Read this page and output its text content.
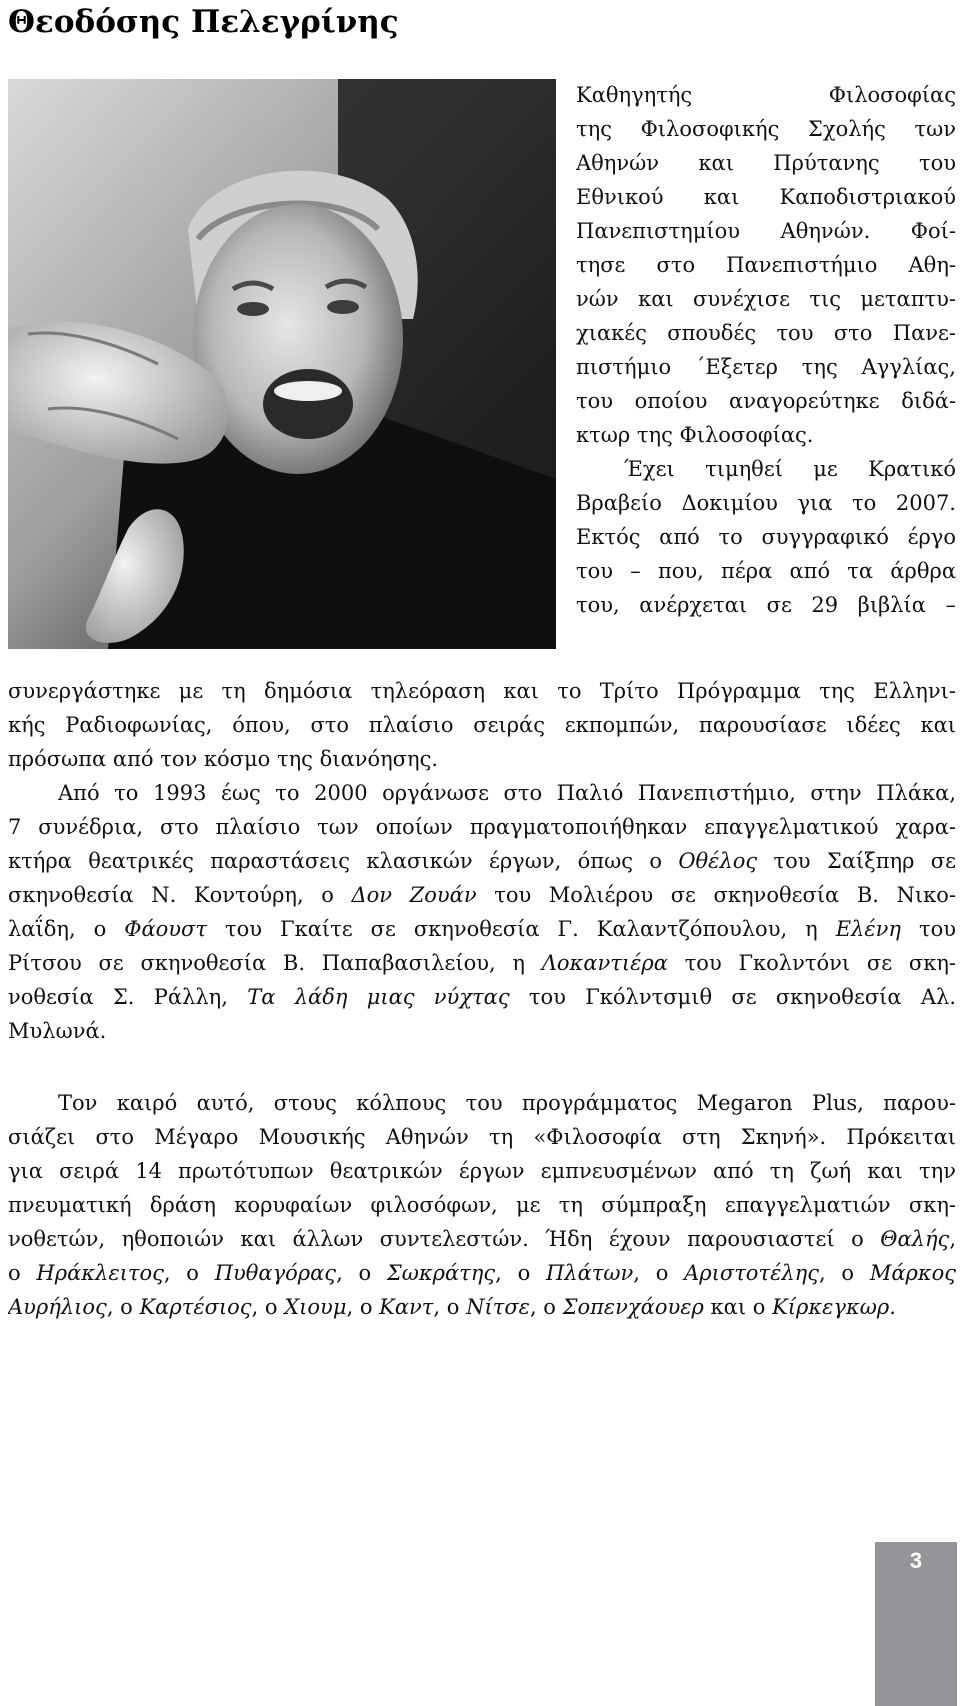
Θεοδόσης Πελεγρίνης
Καθηγητής Φιλοσοφίας
της Φιλοσοφικής Σχολής των
Αθηνών και Πρύτανης του
Εθνικού και Καποδιστριακού
Πανεπιστημίου Αθηνών. Φοί-
τησε στο Πανεπιστήμιο Αθη-
νών και συνέχισε τις μεταπτυ-
χιακές σπουδές του στο Πανε-
πιστήμιο ΄Εξετερ της Αγγλίας,
του οποίου αναγορεύτηκε διδά-
κτωρ της Φιλοσοφίας.
Έχει τιμηθεί με Κρατικό
Βραβείο Δοκιμίου για το 2007.
Εκτός από το συγγραφικό έργο
του – που, πέρα από τα άρθρα
του, ανέρχεται σε 29 βιβλία –
συνεργάστηκε με τη δημόσια τηλεόραση και το Τρίτο Πρόγραμμα της Ελληνι-
κής Ραδιοφωνίας, όπου, στο πλαίσιο σειράς εκπομπών, παρουσίασε ιδέες και
πρόσωπα από τον κόσμο της διανόησης.
Από το 1993 έως το 2000 οργάνωσε στο Παλιό Πανεπιστήμιο, στην Πλάκα,
7 συνέδρια, στο πλαίσιο των οποίων πραγματοποιήθηκαν επαγγελματικού χαρα-
κτήρα θεατρικές παραστάσεις κλασικών έργων, όπως ο Οθέλος του Σαίξπηρ σε
σκηνοθεσία Ν. Κοντούρη, ο Δον Ζουάν του Μολιέρου σε σκηνοθεσία Β. Νικο-
λαΐδη, ο Φάουστ του Γκαίτε σε σκηνοθεσία Γ. Καλαντζόπουλου, η Ελένη του
Ρίτσου σε σκηνοθεσία Β. Παπαβασιλείου, η Λοκαντιέρα του Γκολντόνι σε σκη-
νοθεσία Σ. Ράλλη, Τα λάδη μιας νύχτας του Γκόλντσμιθ σε σκηνοθεσία Αλ.
Μυλωνά.
Τον καιρό αυτό, στους κόλπους του προγράμματος Megaron Plus, παρου-
σιάζει στο Μέγαρο Μουσικής Αθηνών τη «Φιλοσοφία στη Σκηνή». Πρόκειται
για σειρά 14 πρωτότυπων θεατρικών έργων εμπνευσμένων από τη ζωή και την
πνευματική δράση κορυφαίων φιλοσόφων, με τη σύμπραξη επαγγελματιών σκη-
νοθετών, ηθοποιών και άλλων συντελεστών. Ήδη έχουν παρουσιαστεί ο Θαλής,
ο Ηράκλειτος, ο Πυθαγόρας, ο Σωκράτης, ο Πλάτων, ο Αριστοτέλης, ο Μάρκος
Αυρήλιος, ο Καρτέσιος, ο Χιουμ, ο Καντ, ο Νίτσε, ο Σοπενχάουερ και ο Κίρκεγκωρ.
3
